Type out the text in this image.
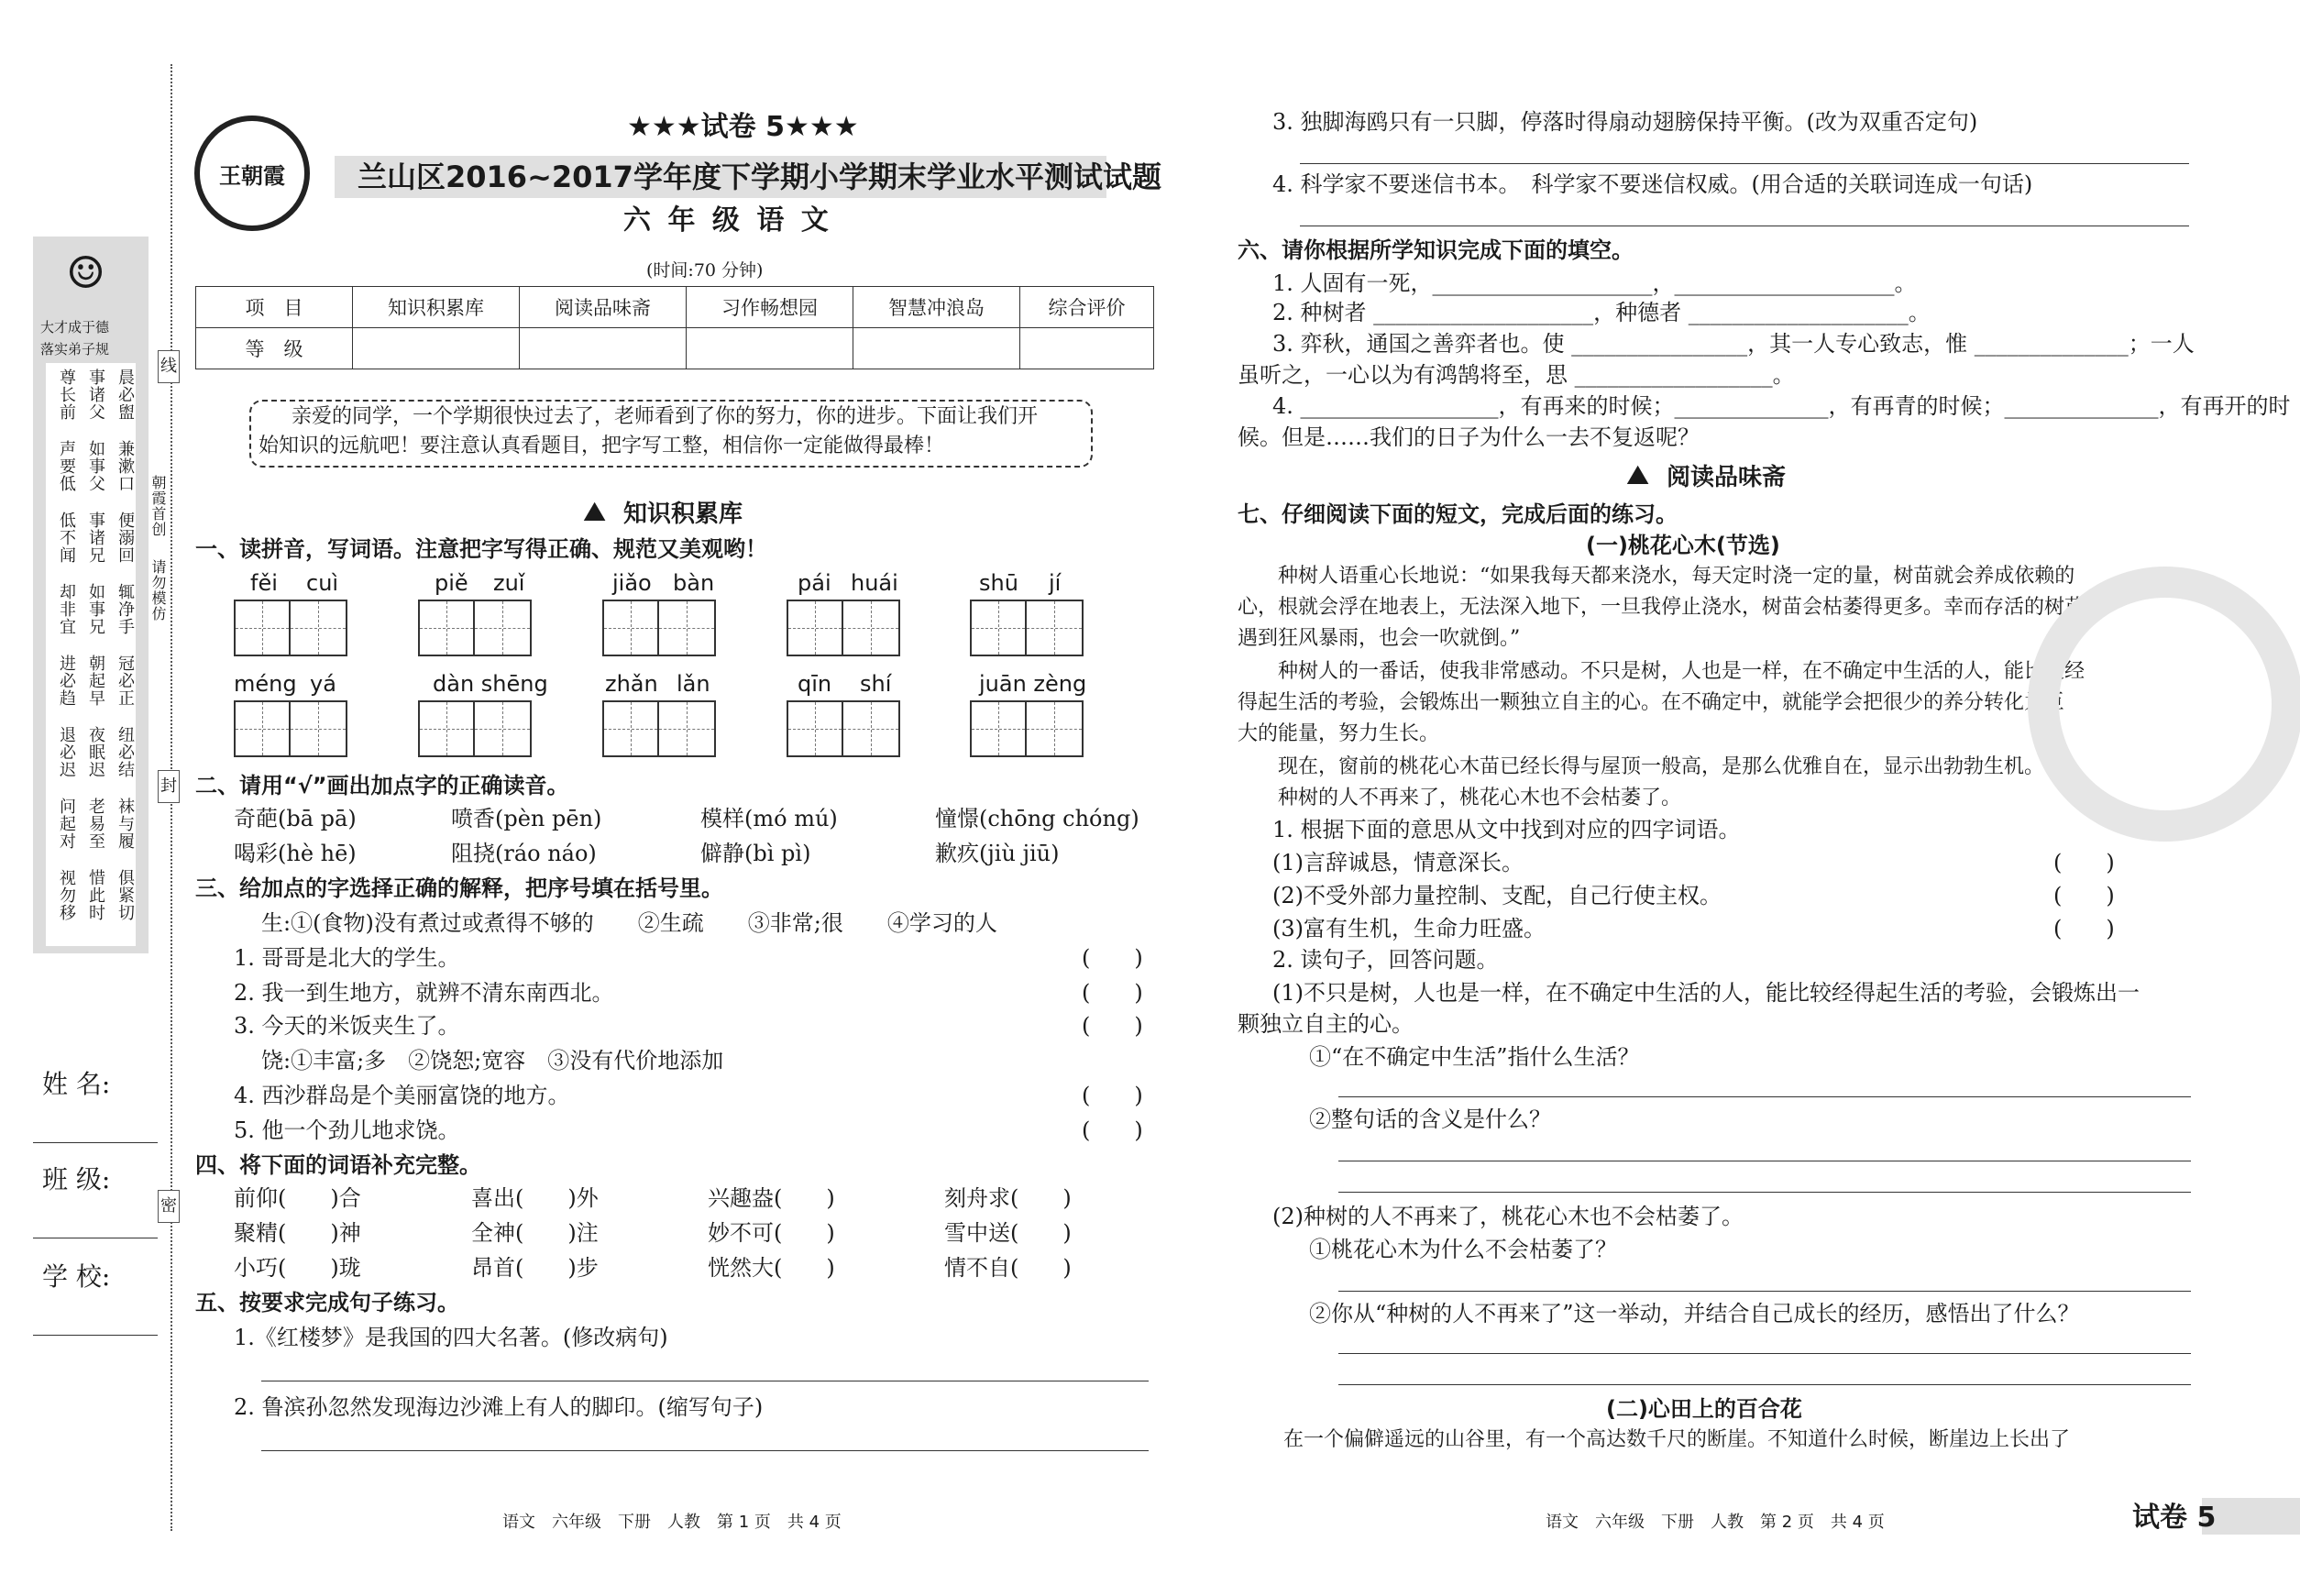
王朝霞
★★★试卷 5★★★
兰山区2016~2017学年度下学期小学期末学业水平测试试题
六 年 级 语 文
(时间:70 分钟)
项　目	知识积累库	阅读品味斋	习作畅想园	智慧冲浪岛	综合评价
等　级					
亲爱的同学，一个学期很快过去了，老师看到了你的努力，你的进步。下面让我们开
始知识的远航吧！要注意认真看题目，把字写工整，相信你一定能做得最棒！
⛰ 知识积累库
一、读拼音，写词语。注意把字写得正确、规范又美观哟！
fěi cuì	piě zuǐ	jiǎo bàn	pái huái	shū jí
méng yá	dàn shēng	zhǎn lǎn	qīn shí	juān zèng
二、请用“√”画出加点字的正确读音。
奇葩(bā pā)	喷香(pèn pēn)	模样(mó mú)	憧憬(chōng chóng)
喝彩(hè hē)	阻挠(ráo náo)	僻静(bì pì)	歉疚(jiù jiū)
三、给加点的字选择正确的解释，把序号填在括号里。
生:①(食物)没有煮过或煮得不够的　　②生疏　　③非常;很　　④学习的人
1. 哥哥是北大的学生。	(　　)
2. 我一到生地方，就辨不清东南西北。	(　　)
3. 今天的米饭夹生了。	(　　)
饶:①丰富;多　②饶恕;宽容　③没有代价地添加
4. 西沙群岛是个美丽富饶的地方。	(　　)
5. 他一个劲儿地求饶。	(　　)
四、将下面的词语补充完整。
前仰(　　)合	喜出(　　)外	兴趣盎(　　)	刻舟求(　　)
聚精(　　)神	全神(　　)注	妙不可(　　)	雪中送(　　)
小巧(　　)珑	昂首(　　)步	恍然大(　　)	情不自(　　)
五、按要求完成句子练习。
1.《红楼梦》是我国的四大名著。(修改病句)
2. 鲁滨孙忽然发现海边沙滩上有人的脚印。(缩写句子)
语文　六年级　下册　人教　第 1 页　共 4 页
线
封
密
朝霞首创
请勿模仿
☺
大才成于德
落实弟子规
晨必盥
事诸父
尊长前
兼漱口
如事父
声要低
便溺回
事诸兄
低不闻
辄净手
如事兄
却非宜
冠必正
朝起早
进必趋
纽必结
夜眠迟
退必迟
袜与履
老易至
问起对
俱紧切
惜此时
视勿移
姓 名:
班 级:
学 校:
3. 独脚海鸥只有一只脚，停落时得扇动翅膀保持平衡。(改为双重否定句)
4. 科学家不要迷信书本。　科学家不要迷信权威。(用合适的关联词连成一句话)
六、请你根据所学知识完成下面的填空。
1. 人固有一死，____________________，____________________。
2. 种树者 ____________________，种德者 ____________________。
3. 弈秋，通国之善弈者也。使 ________________，其一人专心致志，惟 ______________；一人
虽听之，一心以为有鸿鹄将至，思 __________________。
4. __________________，有再来的时候；______________，有再青的时候；______________，有再开的时
候。但是……我们的日子为什么一去不复返呢？
⛰ 阅读品味斋
七、仔细阅读下面的短文，完成后面的练习。
(一)桃花心木(节选)
种树人语重心长地说：“如果我每天都来浇水，每天定时浇一定的量，树苗就会养成依赖的
心，根就会浮在地表上，无法深入地下，一旦我停止浇水，树苗会枯萎得更多。幸而存活的树苗，
遇到狂风暴雨，也会一吹就倒。”
种树人的一番话，使我非常感动。不只是树，人也是一样，在不确定中生活的人，能比较经
得起生活的考验，会锻炼出一颗独立自主的心。在不确定中，就能学会把很少的养分转化为巨
大的能量，努力生长。
现在，窗前的桃花心木苗已经长得与屋顶一般高，是那么优雅自在，显示出勃勃生机。
种树的人不再来了，桃花心木也不会枯萎了。
1. 根据下面的意思从文中找到对应的四字词语。
(1)言辞诚恳，情意深长。	(　　)
(2)不受外部力量控制、支配，自己行使主权。	(　　)
(3)富有生机，生命力旺盛。	(　　)
2. 读句子，回答问题。
(1)不只是树，人也是一样，在不确定中生活的人，能比较经得起生活的考验，会锻炼出一
颗独立自主的心。
①“在不确定中生活”指什么生活？
②整句话的含义是什么？
(2)种树的人不再来了，桃花心木也不会枯萎了。
①桃花心木为什么不会枯萎了？
②你从“种树的人不再来了”这一举动，并结合自己成长的经历，感悟出了什么？
(二)心田上的百合花
在一个偏僻遥远的山谷里，有一个高达数千尺的断崖。不知道什么时候，断崖边上长出了
语文　六年级　下册　人教　第 2 页　共 4 页	试卷 5
